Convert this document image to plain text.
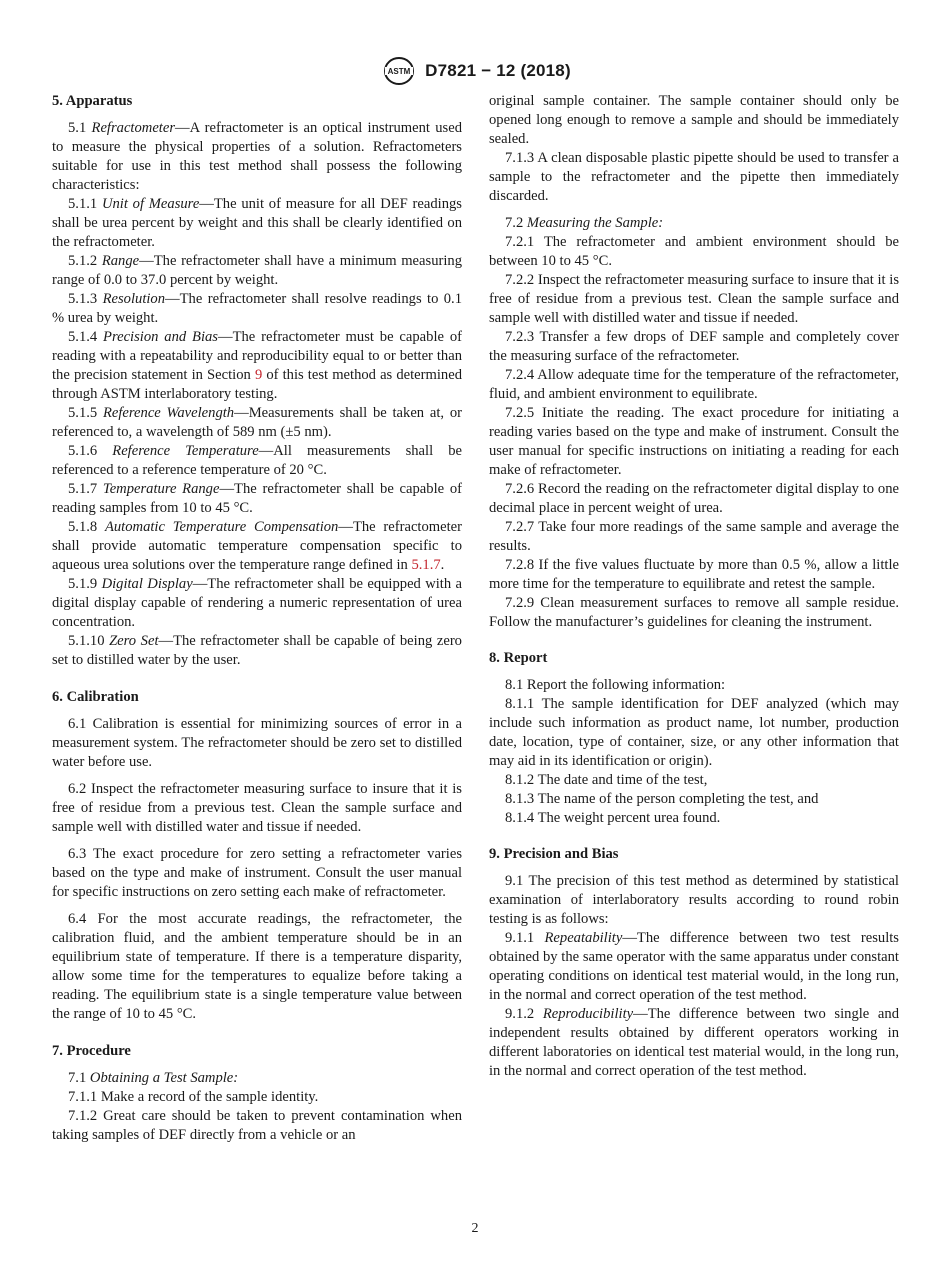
ASTM D7821 − 12 (2018)

5. Apparatus

5.1 Refractometer—A refractometer is an optical instrument used to measure the physical properties of a solution. Refractometers suitable for use in this test method shall possess the following characteristics:

5.1.1 Unit of Measure—The unit of measure for all DEF readings shall be urea percent by weight and this shall be clearly identified on the refractometer.

5.1.2 Range—The refractometer shall have a minimum measuring range of 0.0 to 37.0 percent by weight.

5.1.3 Resolution—The refractometer shall resolve readings to 0.1 % urea by weight.

5.1.4 Precision and Bias—The refractometer must be capable of reading with a repeatability and reproducibility equal to or better than the precision statement in Section 9 of this test method as determined through ASTM interlaboratory testing.

5.1.5 Reference Wavelength—Measurements shall be taken at, or referenced to, a wavelength of 589 nm (±5 nm).

5.1.6 Reference Temperature—All measurements shall be referenced to a reference temperature of 20 °C.

5.1.7 Temperature Range—The refractometer shall be capable of reading samples from 10 to 45 °C.

5.1.8 Automatic Temperature Compensation—The refractometer shall provide automatic temperature compensation specific to aqueous urea solutions over the temperature range defined in 5.1.7.

5.1.9 Digital Display—The refractometer shall be equipped with a digital display capable of rendering a numeric representation of urea concentration.

5.1.10 Zero Set—The refractometer shall be capable of being zero set to distilled water by the user.

6. Calibration

6.1 Calibration is essential for minimizing sources of error in a measurement system. The refractometer should be zero set to distilled water before use.

6.2 Inspect the refractometer measuring surface to insure that it is free of residue from a previous test. Clean the sample surface and sample well with distilled water and tissue if needed.

6.3 The exact procedure for zero setting a refractometer varies based on the type and make of instrument. Consult the user manual for specific instructions on zero setting each make of refractometer.

6.4 For the most accurate readings, the refractometer, the calibration fluid, and the ambient temperature should be in an equilibrium state of temperature. If there is a temperature disparity, allow some time for the temperatures to equalize before taking a reading. The equilibrium state is a single temperature value between the range of 10 to 45 °C.

7. Procedure

7.1 Obtaining a Test Sample:

7.1.1 Make a record of the sample identity.

7.1.2 Great care should be taken to prevent contamination when taking samples of DEF directly from a vehicle or an

original sample container. The sample container should only be opened long enough to remove a sample and should be immediately sealed.

7.1.3 A clean disposable plastic pipette should be used to transfer a sample to the refractometer and the pipette then immediately discarded.

7.2 Measuring the Sample:

7.2.1 The refractometer and ambient environment should be between 10 to 45 °C.

7.2.2 Inspect the refractometer measuring surface to insure that it is free of residue from a previous test. Clean the sample surface and sample well with distilled water and tissue if needed.

7.2.3 Transfer a few drops of DEF sample and completely cover the measuring surface of the refractometer.

7.2.4 Allow adequate time for the temperature of the refractometer, fluid, and ambient environment to equilibrate.

7.2.5 Initiate the reading. The exact procedure for initiating a reading varies based on the type and make of instrument. Consult the user manual for specific instructions on initiating a reading for each make of refractometer.

7.2.6 Record the reading on the refractometer digital display to one decimal place in percent weight of urea.

7.2.7 Take four more readings of the same sample and average the results.

7.2.8 If the five values fluctuate by more than 0.5 %, allow a little more time for the temperature to equilibrate and retest the sample.

7.2.9 Clean measurement surfaces to remove all sample residue. Follow the manufacturer’s guidelines for cleaning the instrument.

8. Report

8.1 Report the following information:

8.1.1 The sample identification for DEF analyzed (which may include such information as product name, lot number, production date, location, type of container, size, or any other information that may aid in its identification or origin).

8.1.2 The date and time of the test,

8.1.3 The name of the person completing the test, and

8.1.4 The weight percent urea found.

9. Precision and Bias

9.1 The precision of this test method as determined by statistical examination of interlaboratory results according to round robin testing is as follows:

9.1.1 Repeatability—The difference between two test results obtained by the same operator with the same apparatus under constant operating conditions on identical test material would, in the long run, in the normal and correct operation of the test method.

9.1.2 Reproducibility—The difference between two single and independent results obtained by different operators working in different laboratories on identical test material would, in the long run, in the normal and correct operation of the test method.

2
